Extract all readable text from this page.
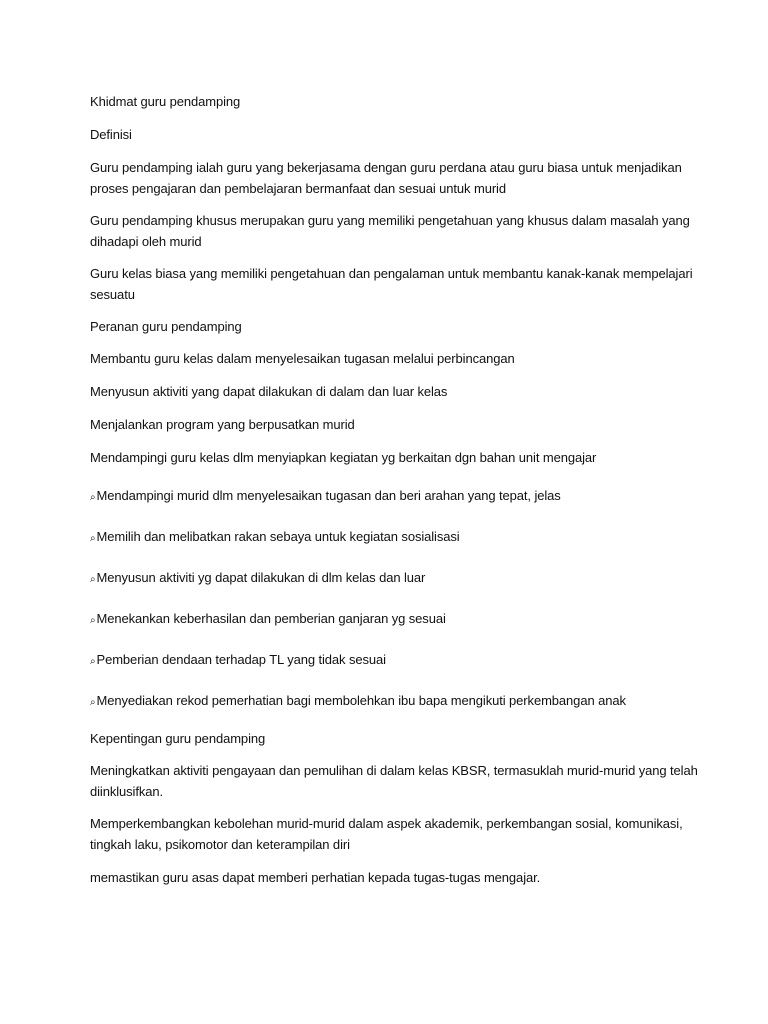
Khidmat guru pendamping
Definisi
Guru pendamping ialah guru yang bekerjasama dengan guru perdana atau guru biasa untuk menjadikan proses pengajaran dan pembelajaran bermanfaat dan sesuai untuk murid
Guru pendamping khusus merupakan guru yang memiliki pengetahuan yang khusus dalam masalah yang dihadapi oleh murid
Guru kelas biasa yang memiliki pengetahuan dan pengalaman untuk membantu kanak-kanak mempelajari sesuatu
Peranan guru pendamping
Membantu guru kelas dalam menyelesaikan tugasan melalui perbincangan
Menyusun aktiviti yang dapat dilakukan di dalam dan luar kelas
Menjalankan program yang berpusatkan murid
Mendampingi guru kelas dlm menyiapkan kegiatan yg berkaitan dgn bahan unit mengajar
⌕Mendampingi murid dlm menyelesaikan tugasan dan beri arahan yang tepat, jelas
⌕Memilih dan melibatkan rakan sebaya untuk kegiatan sosialisasi
⌕Menyusun aktiviti yg dapat dilakukan di dlm kelas dan luar
⌕Menekankan keberhasilan dan pemberian ganjaran yg sesuai
⌕Pemberian dendaan terhadap TL yang tidak sesuai
⌕Menyediakan rekod pemerhatian bagi membolehkan ibu bapa mengikuti perkembangan anak
Kepentingan guru pendamping
Meningkatkan aktiviti pengayaan dan pemulihan di dalam kelas KBSR, termasuklah murid-murid yang telah diinklusifkan.
Memperkembangkan kebolehan murid-murid dalam aspek akademik, perkembangan sosial, komunikasi, tingkah laku, psikomotor dan keterampilan diri
memastikan guru asas dapat memberi perhatian kepada tugas-tugas mengajar.
